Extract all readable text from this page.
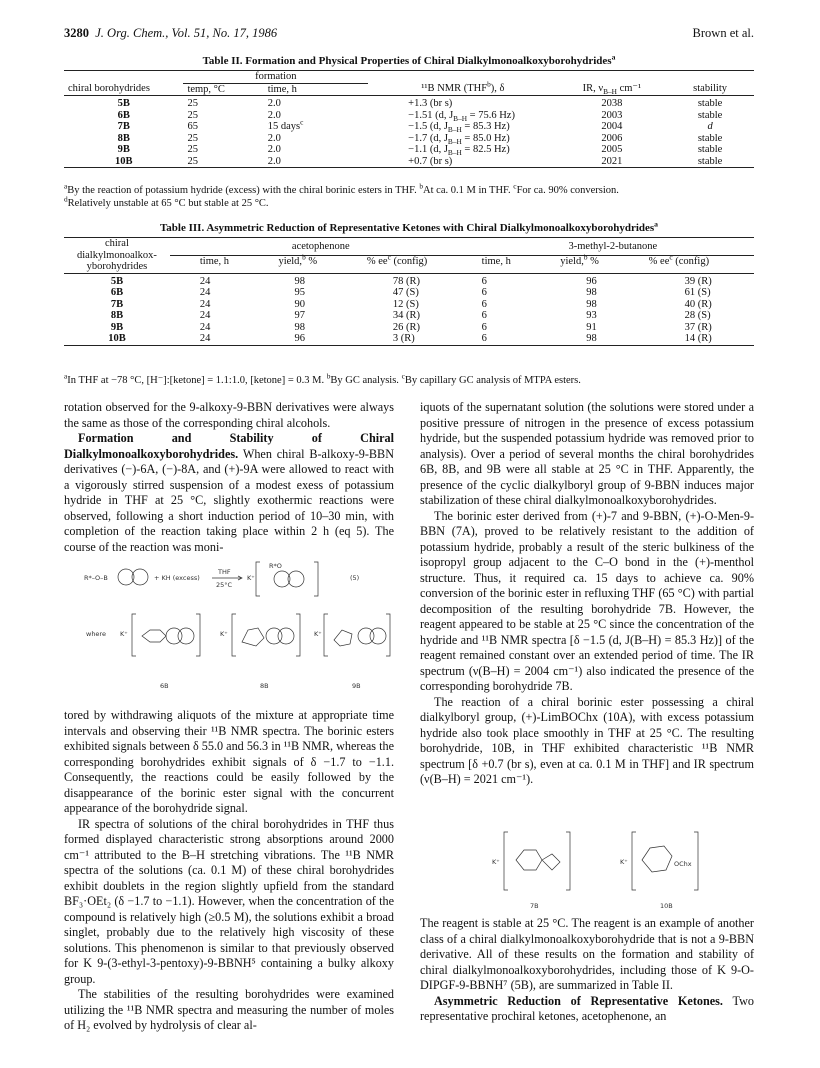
3280 J. Org. Chem., Vol. 51, No. 17, 1986	Brown et al.
Table II. Formation and Physical Properties of Chiral Dialkylmonoalkoxyborohydrides$^a$
	formation				
chiral borohydrides	temp, °C	time, h	¹¹B NMR (THF$^b$), δ	IR, $\nu_{B-H}$ cm⁻¹	stability
5B	25	2.0	+1.3 (br s)	2038	stable
6B	25	2.0	−1.51 (d, $J_{B-H} = 75.6$ Hz)	2003	stable
7B	65	15 days$^c$	−1.5 (d, $J_{B-H} = 85.3$ Hz)	2004	d
8B	25	2.0	−1.7 (d, $J_{B-H} = 85.0$ Hz)	2006	stable
9B	25	2.0	−1.1 (d, $J_{B-H} = 82.5$ Hz)	2005	stable
10B	25	2.0	+0.7 (br s)	2021	stable
$^a$By the reaction of potassium hydride (excess) with the chiral borinic esters in THF. $^b$At ca. 0.1 M in THF. $^c$For ca. 90% conversion.
$^d$Relatively unstable at 65 °C but stable at 25 °C.
Table III. Asymmetric Reduction of Representative Ketones with Chiral Dialkylmonoalkoxyborohydrides$^a$
chiral
dialkylmonoalkox-
yborohydrides	acetophenone			3-methyl-2-butanone		

	time, h	yield,$^b$ %	% $ee^c$ (config)	time, h	yield,$^b$ %	% $ee^c$ (config)
5B	24	98	78 (R)	6	96	39 (R)
6B	24	95	47 (S)	6	98	61 (S)
7B	24	90	12 (S)	6	98	40 (R)
8B	24	97	34 (R)	6	93	28 (S)
9B	24	98	26 (R)	6	91	37 (R)
10B	24	96	3 (R)	6	98	14 (R)
$^a$In THF at −78 °C, [H⁻]:[ketone] = 1.1:1.0, [ketone] = 0.3 M. $^b$By GC analysis. $^c$By capillary GC analysis of MTPA esters.

rotation observed for the 9-alkoxy-9-BBN derivatives were always the same as those of the corresponding chiral alcohols.

Formation and Stability of Chiral Dialkylmonoalkoxyborohydrides. When chiral B-alkoxy-9-BBN derivatives (−)-6A, (−)-8A, and (+)-9A were allowed to react with a vigorously stirred suspension of a modest exess of potassium hydride in THF at 25 °C, slightly exothermic reactions were observed, following a short induction period of 10–30 min, with completion of the reaction taking place within 2 h (eq 5). The course of the reaction was moni-

R*–O–B	+ KH (excess)
THF
25°C
K⁺
R*O
(5)
where K⁺	K⁺	K⁺
6B	8B	9B

tored by withdrawing aliquots of the mixture at appropriate time intervals and observing their ¹¹B NMR spectra. The borinic esters exhibited signals between δ 55.0 and 56.3 in ¹¹B NMR, whereas the corresponding borohydrides exhibit signals of δ −1.7 to −1.1. Consequently, the reactions could be easily followed by the disappearance of the borinic ester signal with the concurrent appearance of the borohydride signal.

IR spectra of solutions of the chiral borohydrides in THF thus formed displayed characteristic strong absorptions around 2000 cm⁻¹ attributed to the B–H stretching vibrations. The ¹¹B NMR spectra of the solutions (ca. 0.1 M) of these chiral borohydrides exhibit doublets in the region slightly upfield from the standard BF₃·OEt₂ (δ −1.7 to −1.1). However, when the concentration of the compound is relatively high (≥0.5 M), the solutions exhibit a broad singlet, probably due to the relatively high viscosity of these solutions. This phenomenon is similar to that previously observed for K 9-(3-ethyl-3-pentoxy)-9-BBNH⁵ containing a bulky alkoxy group.

The stabilities of the resulting borohydrides were examined utilizing the ¹¹B NMR spectra and measuring the number of moles of H₂ evolved by hydrolysis of clear al-

iquots of the supernatant solution (the solutions were stored under a positive pressure of nitrogen in the presence of excess potassium hydride, but the suspended potassium hydride was removed prior to analysis). Over a period of several months the chiral borohydrides 6B, 8B, and 9B were all stable at 25 °C in THF. Apparently, the presence of the cyclic dialkylboryl group of 9-BBN induces major stabilization of these chiral dialkylmonoalkoxyborohydrides.

The borinic ester derived from (+)-7 and 9-BBN, (+)-O-Men-9-BBN (7A), proved to be relatively resistant to the addition of potassium hydride, probably a result of the steric bulkiness of the isopropyl group adjacent to the C–O bond in the (+)-menthol structure. Thus, it required ca. 15 days to achieve ca. 90% conversion of the borinic ester in refluxing THF (65 °C) with partial decomposition of the resulting borohydride 7B. However, the reagent appeared to be stable at 25 °C since the concentration of the hydride and ¹¹B NMR spectra [δ −1.5 (d, J(B–H) = 85.3 Hz)] of the reagent remained constant over an extended period of time. The IR spectrum (ν(B–H) = 2004 cm⁻¹) also indicated the presence of the corresponding borohydride 7B.

The reaction of a chiral borinic ester possessing a chiral dialkylboryl group, (+)-LimBOChx (10A), with excess potassium hydride also took place smoothly in THF at 25 °C. The resulting borohydride, 10B, in THF exhibited characteristic ¹¹B NMR spectrum [δ +0.7 (br s), even at ca. 0.1 M in THF] and IR spectrum (ν(B–H) = 2021 cm⁻¹).

K⁺
7B
K⁺	OChx
10B

The reagent is stable at 25 °C. The reagent is an example of another class of a chiral dialkylmonoalkoxyborohydride that is not a 9-BBN derivative. All of these results on the formation and stability of chiral dialkylmonoalkoxyborohydrides, including those of K 9-O-DIPGF-9-BBNH⁷ (5B), are summarized in Table II.

Asymmetric Reduction of Representative Ketones. Two representative prochiral ketones, acetophenone, an
